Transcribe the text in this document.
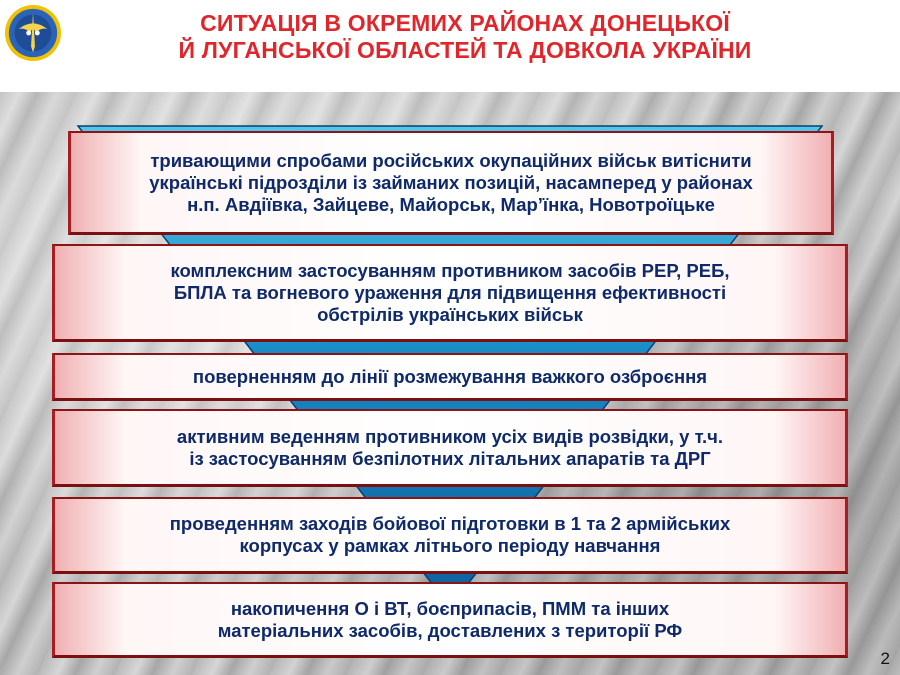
СИТУАЦІЯ В ОКРЕМИХ РАЙОНАХ ДОНЕЦЬКОЇ
Й ЛУГАНСЬКОЇ ОБЛАСТЕЙ ТА ДОВКОЛА УКРАЇНИ
тривающими спробами російських окупаційних військ витіснити
українські підрозділи із займаних позицій, насамперед у районах
н.п. Авдіївка, Зайцеве, Майорськ, Мар’їнка, Новотроїцьке
комплексним застосуванням противником засобів РЕР, РЕБ,
БПЛА та вогневого ураження для підвищення ефективності
обстрілів українських військ
поверненням до лінії розмежування важкого озброєння
активним веденням противником усіх видів розвідки, у т.ч.
із застосуванням безпілотних літальних апаратів та ДРГ
проведенням заходів бойової підготовки в 1 та 2 армійських
корпусах у рамках літнього періоду навчання
накопичення О і ВТ, боєприпасів, ПММ та інших
матеріальних засобів, доставлених з території РФ
2
